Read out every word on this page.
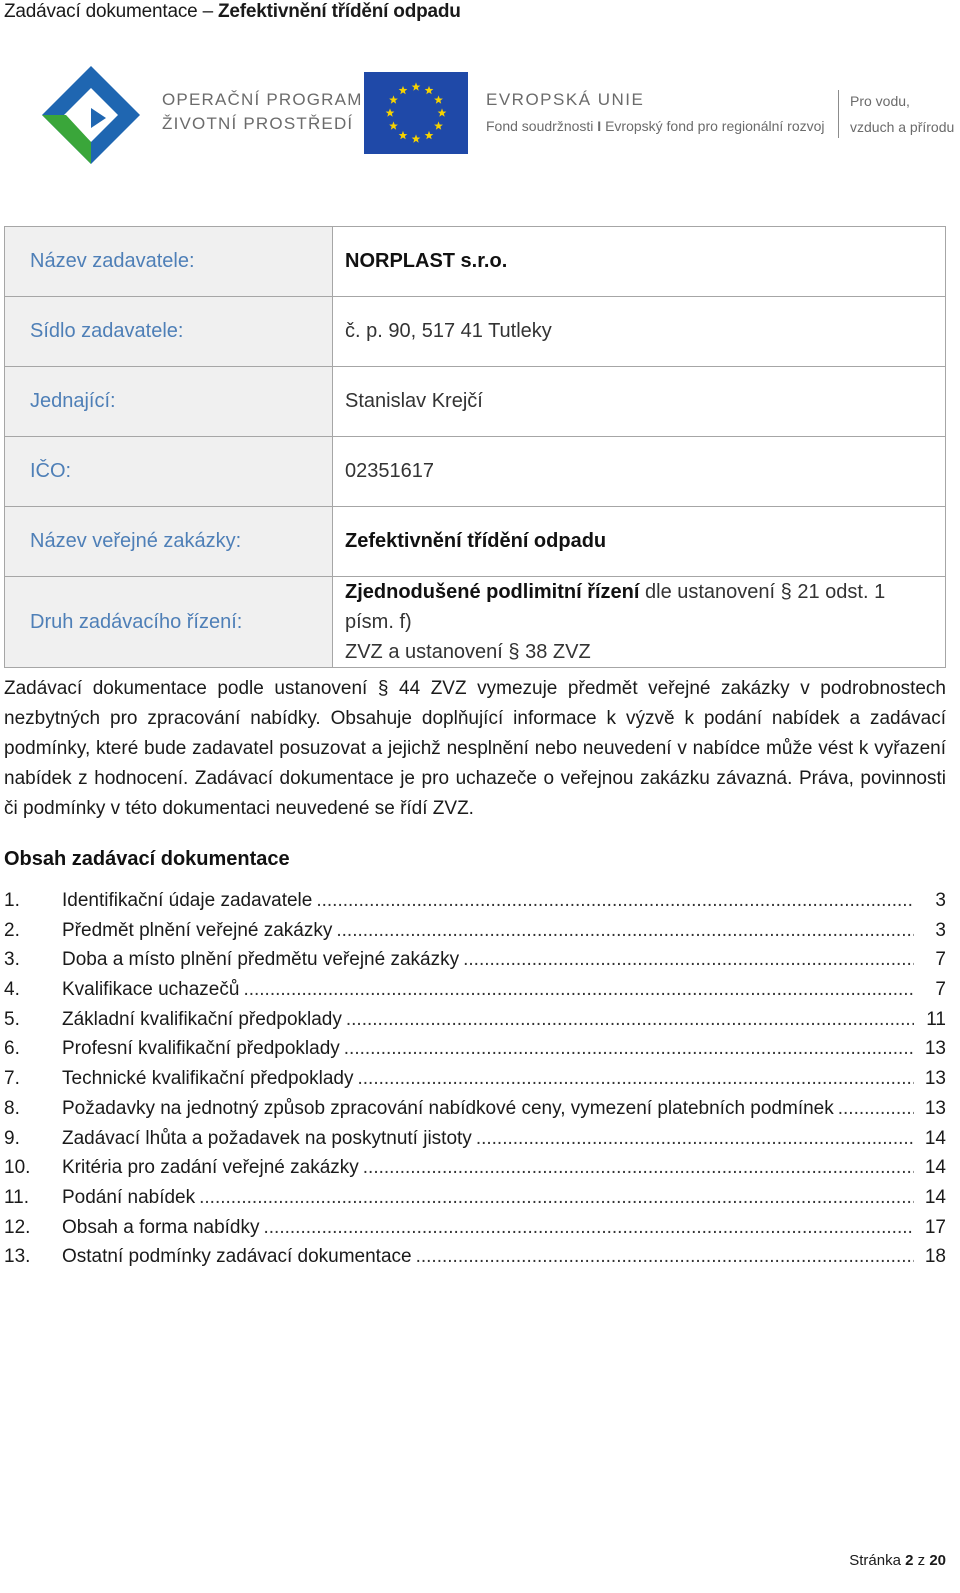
Zadávací dokumentace – Zefektivnění třídění odpadu
OPERAČNÍ PROGRAM
ŽIVOTNÍ PROSTŘEDÍ
EVROPSKÁ UNIE
Fond soudržnosti I Evropský fond pro regionální rozvoj
Pro vodu,
vzduch a přírodu
Název zadavatele:	NORPLAST s.r.o.
Sídlo zadavatele:	č. p. 90, 517 41 Tutleky
Jednající:	Stanislav Krejčí
IČO:	02351617
Název veřejné zakázky:	Zefektivnění třídění odpadu
Druh zadávacího řízení:	Zjednodušené podlimitní řízení dle ustanovení § 21 odst. 1 písm. f)
ZVZ a ustanovení § 38 ZVZ
Zadávací dokumentace podle ustanovení § 44 ZVZ vymezuje předmět veřejné zakázky v podrobnostech nezbytných pro zpracování nabídky. Obsahuje doplňující informace k výzvě k podání nabídek a zadávací podmínky, které bude zadavatel posuzovat a jejichž nesplnění nebo neuvedení v nabídce může vést k vyřazení nabídek z hodnocení. Zadávací dokumentace je pro uchazeče o veřejnou zakázku závazná. Práva, povinnosti či podmínky v této dokumentaci neuvedené se řídí ZVZ.
Obsah zadávací dokumentace
1.	Identifikační údaje zadavatele .....	3
2.	Předmět plnění veřejné zakázky .....	3
3.	Doba a místo plnění předmětu veřejné zakázky .....	7
4.	Kvalifikace uchazečů .....	7
5.	Základní kvalifikační předpoklady .....	11
6.	Profesní kvalifikační předpoklady .....	13
7.	Technické kvalifikační předpoklady .....	13
8.	Požadavky na jednotný způsob zpracování nabídkové ceny, vymezení platebních podmínek .....	13
9.	Zadávací lhůta a požadavek na poskytnutí jistoty .....	14
10.	Kritéria pro zadání veřejné zakázky .....	14
11.	Podání nabídek .....	14
12.	Obsah a forma nabídky .....	17
13.	Ostatní podmínky zadávací dokumentace .....	18
Stránka 2 z 20
